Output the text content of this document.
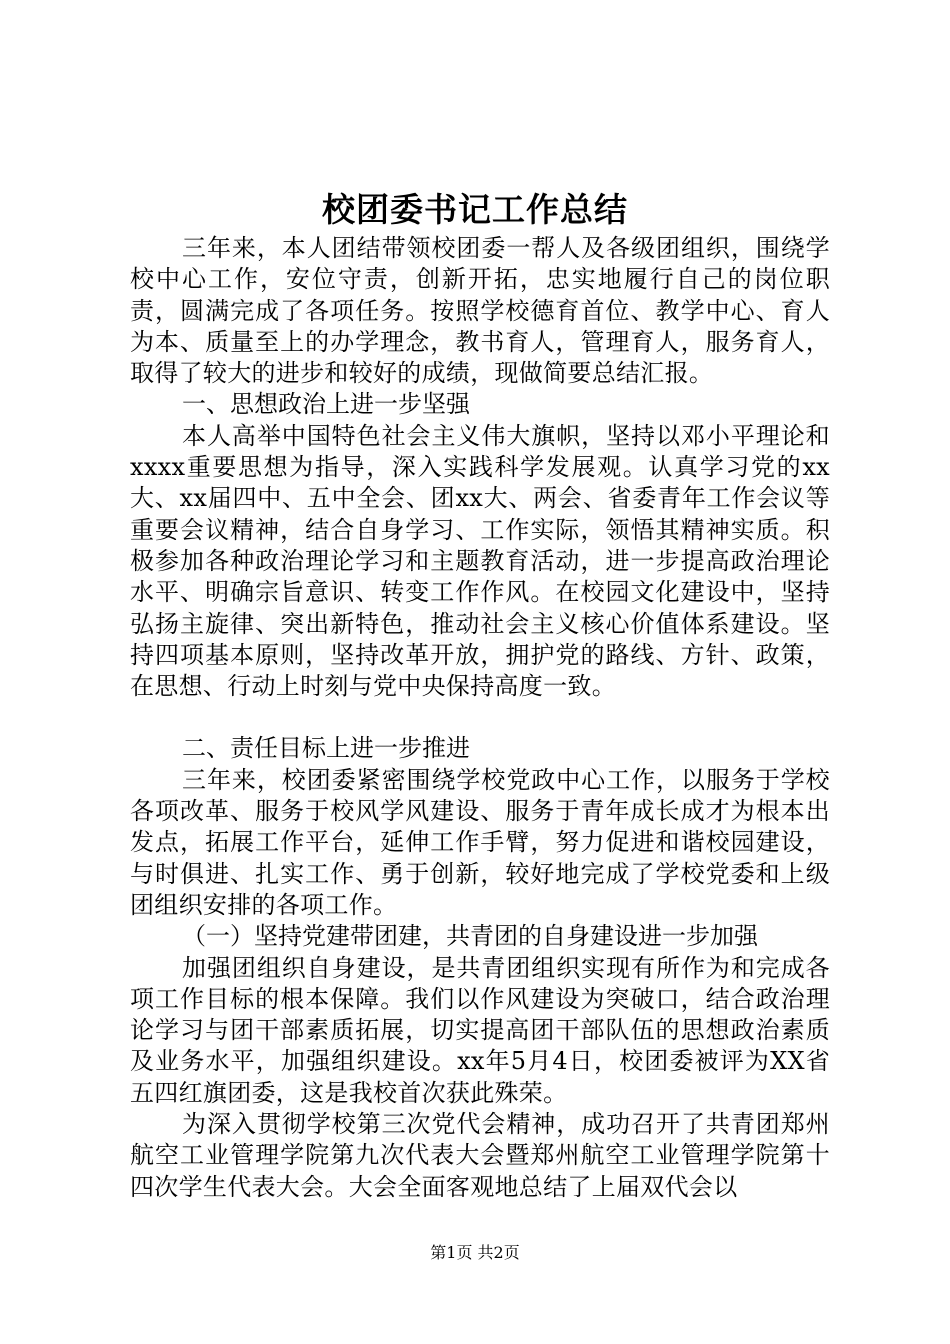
校团委书记工作总结

三年来，本人团结带领校团委一帮人及各级团组织，围绕学校中心工作，安位守责，创新开拓，忠实地履行自己的岗位职责，圆满完成了各项任务。按照学校德育首位、教学中心、育人为本、质量至上的办学理念，教书育人，管理育人，服务育人，取得了较大的进步和较好的成绩，现做简要总结汇报。

一、思想政治上进一步坚强

本人高举中国特色社会主义伟大旗帜，坚持以邓小平理论和xxxx重要思想为指导，深入实践科学发展观。认真学习党的xx大、xx届四中、五中全会、团xx大、两会、省委青年工作会议等重要会议精神，结合自身学习、工作实际，领悟其精神实质。积极参加各种政治理论学习和主题教育活动，进一步提高政治理论水平、明确宗旨意识、转变工作作风。在校园文化建设中，坚持弘扬主旋律、突出新特色，推动社会主义核心价值体系建设。坚持四项基本原则，坚持改革开放，拥护党的路线、方针、政策，在思想、行动上时刻与党中央保持高度一致。

二、责任目标上进一步推进

三年来，校团委紧密围绕学校党政中心工作，以服务于学校各项改革、服务于校风学风建设、服务于青年成长成才为根本出发点，拓展工作平台，延伸工作手臂，努力促进和谐校园建设，与时俱进、扎实工作、勇于创新，较好地完成了学校党委和上级团组织安排的各项工作。

（一）坚持党建带团建，共青团的自身建设进一步加强

加强团组织自身建设，是共青团组织实现有所作为和完成各项工作目标的根本保障。我们以作风建设为突破口，结合政治理论学习与团干部素质拓展，切实提高团干部队伍的思想政治素质及业务水平，加强组织建设。xx年5月4日，校团委被评为XX省五四红旗团委，这是我校首次获此殊荣。

为深入贯彻学校第三次党代会精神，成功召开了共青团郑州航空工业管理学院第九次代表大会暨郑州航空工业管理学院第十四次学生代表大会。大会全面客观地总结了上届双代会以

第1页 共2页
